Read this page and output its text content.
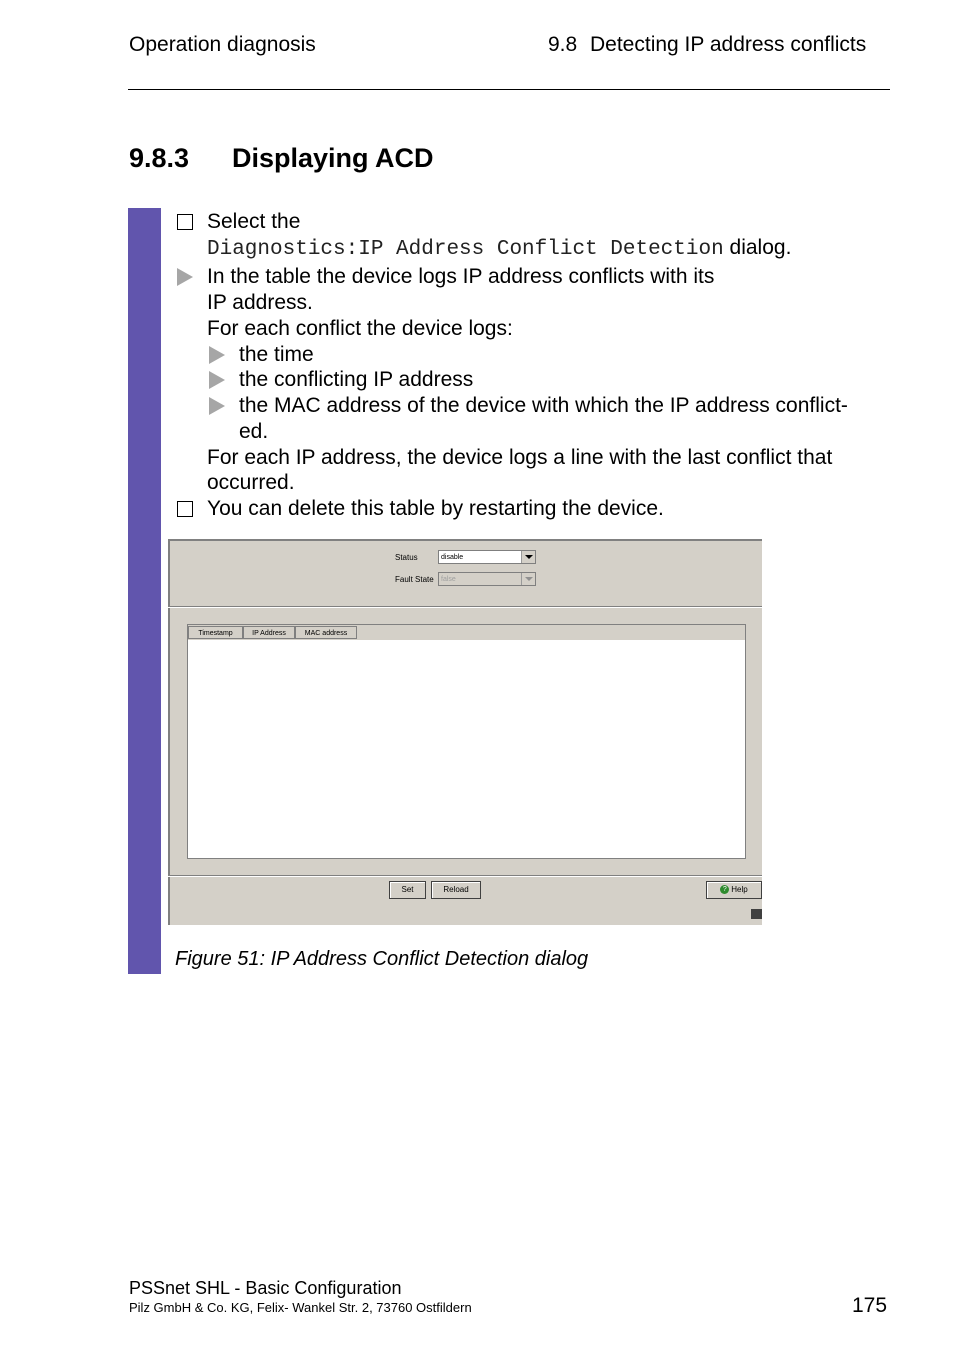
Operation diagnosis	9.8 Detecting IP address conflicts
9.8.3 Displaying ACD
Select the
Diagnostics:IP Address Conflict Detection dialog.
In the table the device logs IP address conflicts with its
IP address.
For each conflict the device logs:
the time
the conflicting IP address
the MAC address of the device with which the IP address conflict-
ed.
For each IP address, the device logs a line with the last conflict that
occurred.
You can delete this table by restarting the device.
Status	disable
Fault State	false
Timestamp	IP Address	MAC address
Set	Reload	? Help
Figure 51: IP Address Conflict Detection dialog
PSSnet SHL - Basic Configuration
Pilz GmbH & Co. KG, Felix- Wankel Str. 2, 73760 Ostfildern	175
